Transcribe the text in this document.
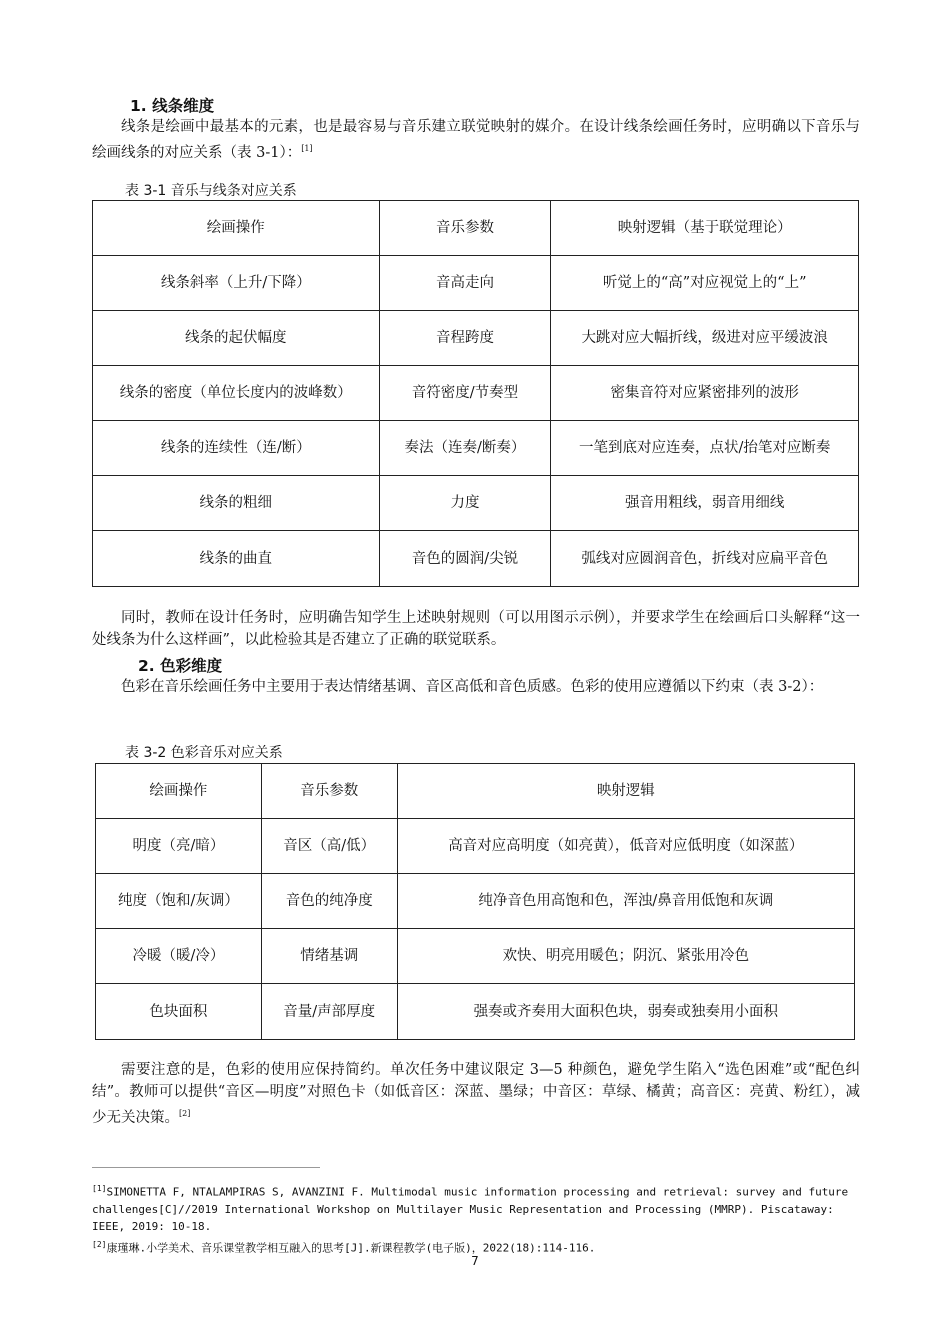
1. 线条维度

线条是绘画中最基本的元素，也是最容易与音乐建立联觉映射的媒介。在设计线条绘画任务时，应明确以下音乐与绘画线条的对应关系（表 3-1）：[1]

表 3-1 音乐与线条对应关系
绘画操作	音乐参数	映射逻辑（基于联觉理论）
线条斜率（上升/下降）	音高走向	听觉上的“高”对应视觉上的“上”
线条的起伏幅度	音程跨度	大跳对应大幅折线，级进对应平缓波浪
线条的密度（单位长度内的波峰数）	音符密度/节奏型	密集音符对应紧密排列的波形
线条的连续性（连/断）	奏法（连奏/断奏）	一笔到底对应连奏，点状/抬笔对应断奏
线条的粗细	力度	强音用粗线，弱音用细线
线条的曲直	音色的圆润/尖锐	弧线对应圆润音色，折线对应扁平音色

同时，教师在设计任务时，应明确告知学生上述映射规则（可以用图示示例），并要求学生在绘画后口头解释“这一处线条为什么这样画”，以此检验其是否建立了正确的联觉联系。

2. 色彩维度

色彩在音乐绘画任务中主要用于表达情绪基调、音区高低和音色质感。色彩的使用应遵循以下约束（表 3-2）：

表 3-2 色彩音乐对应关系
绘画操作	音乐参数	映射逻辑
明度（亮/暗）	音区（高/低）	高音对应高明度（如亮黄），低音对应低明度（如深蓝）
纯度（饱和/灰调）	音色的纯净度	纯净音色用高饱和色，浑浊/鼻音用低饱和灰调
冷暖（暖/冷）	情绪基调	欢快、明亮用暖色；阴沉、紧张用冷色
色块面积	音量/声部厚度	强奏或齐奏用大面积色块，弱奏或独奏用小面积

需要注意的是，色彩的使用应保持简约。单次任务中建议限定 3—5 种颜色，避免学生陷入“选色困难”或“配色纠结”。教师可以提供“音区—明度”对照色卡（如低音区：深蓝、墨绿；中音区：草绿、橘黄；高音区：亮黄、粉红），减少无关决策。[2]

[1]SIMONETTA F, NTALAMPIRAS S, AVANZINI F. Multimodal music information processing and retrieval: survey and future challenges[C]//2019 International Workshop on Multilayer Music Representation and Processing (MMRP). Piscataway: IEEE, 2019: 10-18.

[2]康瑾琳.小学美术、音乐课堂教学相互融入的思考[J].新课程教学(电子版)，2022(18):114-116.

7
